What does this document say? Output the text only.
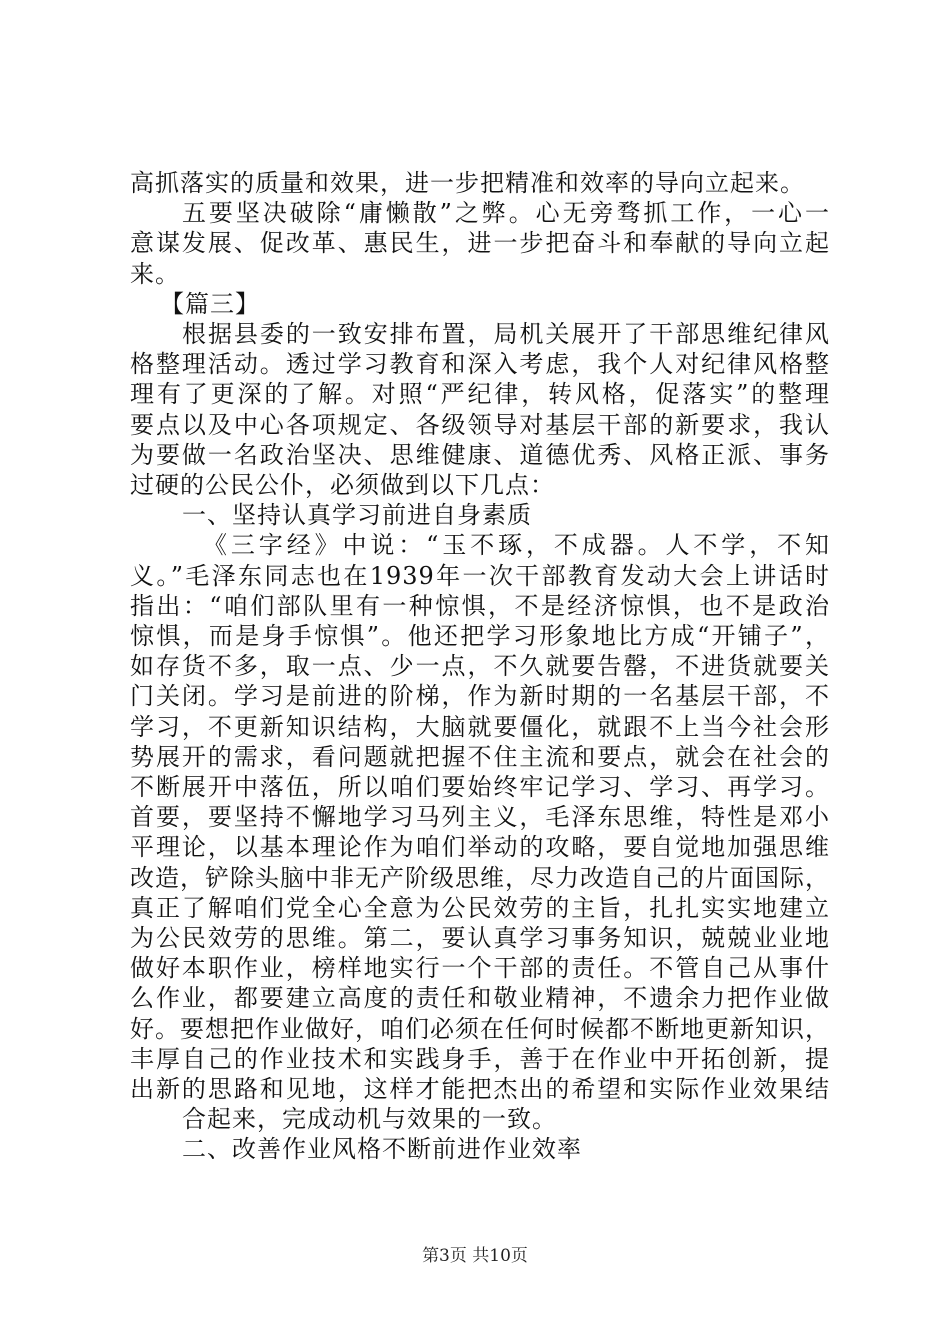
高抓落实的质量和效果，进一步把精准和效率的导向立起来。
五要坚决破除“庸懒散”之弊。心无旁骛抓工作，一心一
意谋发展、促改革、惠民生，进一步把奋斗和奉献的导向立起
来。
【篇三】
根据县委的一致安排布置，局机关展开了干部思维纪律风
格整理活动。透过学习教育和深入考虑，我个人对纪律风格整
理有了更深的了解。对照“严纪律，转风格，促落实”的整理
要点以及中心各项规定、各级领导对基层干部的新要求，我认
为要做一名政治坚决、思维健康、道德优秀、风格正派、事务
过硬的公民公仆，必须做到以下几点：
一、坚持认真学习前进自身素质
《三字经》中说：“玉不琢，不成器。人不学，不知
义。”毛泽东同志也在1939年一次干部教育发动大会上讲话时
指出：“咱们部队里有一种惊惧，不是经济惊惧，也不是政治
惊惧，而是身手惊惧”。他还把学习形象地比方成“开铺子”，
如存货不多，取一点、少一点，不久就要告罄，不进货就要关
门关闭。学习是前进的阶梯，作为新时期的一名基层干部，不
学习，不更新知识结构，大脑就要僵化，就跟不上当今社会形
势展开的需求，看问题就把握不住主流和要点，就会在社会的
不断展开中落伍，所以咱们要始终牢记学习、学习、再学习。
首要，要坚持不懈地学习马列主义，毛泽东思维，特性是邓小
平理论，以基本理论作为咱们举动的攻略，要自觉地加强思维
改造，铲除头脑中非无产阶级思维，尽力改造自己的片面国际，
真正了解咱们党全心全意为公民效劳的主旨，扎扎实实地建立
为公民效劳的思维。第二，要认真学习事务知识，兢兢业业地
做好本职作业，榜样地实行一个干部的责任。不管自己从事什
么作业，都要建立高度的责任和敬业精神，不遗余力把作业做
好。要想把作业做好，咱们必须在任何时候都不断地更新知识，
丰厚自己的作业技术和实践身手，善于在作业中开拓创新，提
出新的思路和见地，这样才能把杰出的希望和实际作业效果结
合起来，完成动机与效果的一致。
二、改善作业风格不断前进作业效率
第3页 共10页
